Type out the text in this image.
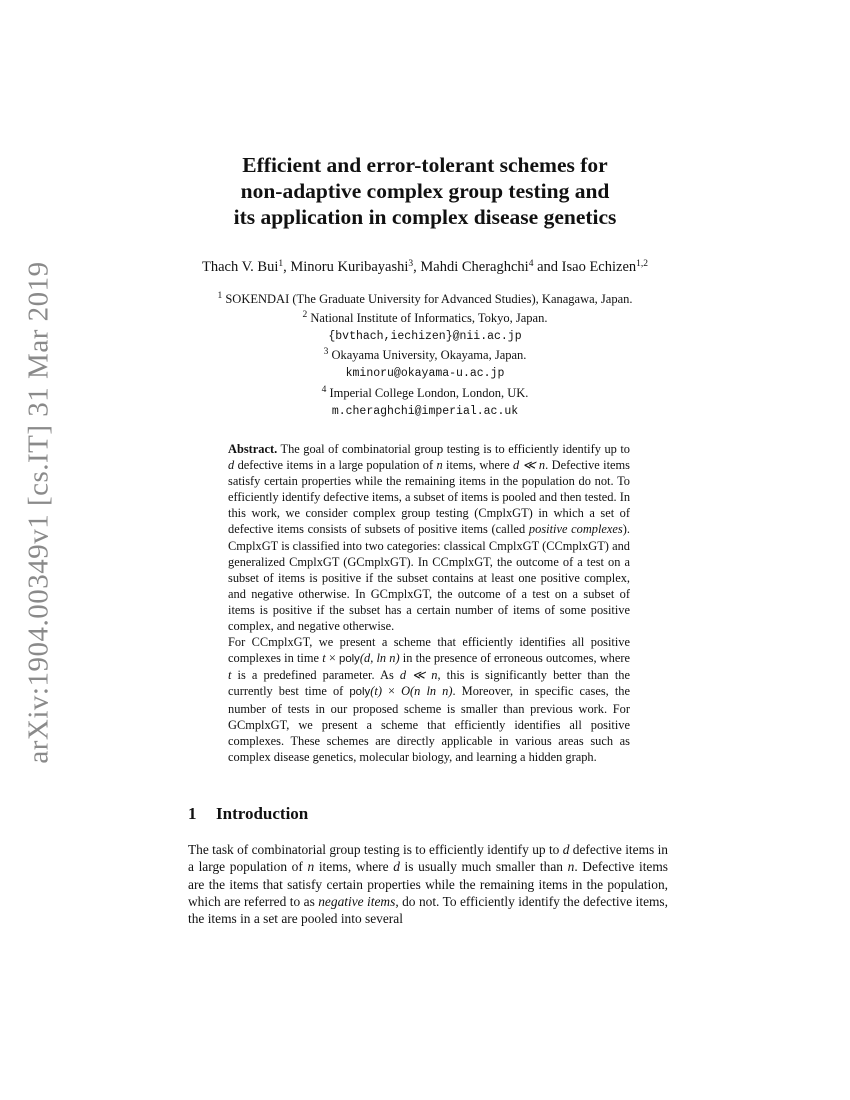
arXiv:1904.00349v1 [cs.IT] 31 Mar 2019
Efficient and error-tolerant schemes for
non-adaptive complex group testing and
its application in complex disease genetics
Thach V. Bui$^1$, Minoru Kuribayashi$^3$, Mahdi Cheraghchi$^4$ and Isao Echizen$^{1,2}$
$^1$ SOKENDAI (The Graduate University for Advanced Studies), Kanagawa, Japan.
$^2$ National Institute of Informatics, Tokyo, Japan.
{bvthach,iechizen}@nii.ac.jp
$^3$ Okayama University, Okayama, Japan.
kminoru@okayama-u.ac.jp
$^4$ Imperial College London, London, UK.
m.cheraghchi@imperial.ac.uk

Abstract. The goal of combinatorial group testing is to efficiently identify up to d defective items in a large population of n items, where d ≪ n. Defective items satisfy certain properties while the remaining items in the population do not. To efficiently identify defective items, a subset of items is pooled and then tested. In this work, we consider complex group testing (CmplxGT) in which a set of defective items consists of subsets of positive items (called positive complexes). CmplxGT is classified into two categories: classical CmplxGT (CCmplxGT) and generalized CmplxGT (GCmplxGT). In CCmplxGT, the outcome of a test on a subset of items is positive if the subset contains at least one positive complex, and negative otherwise. In GCmplxGT, the outcome of a test on a subset of items is positive if the subset has a certain number of items of some positive complex, and negative otherwise.

For CCmplxGT, we present a scheme that efficiently identifies all positive complexes in time t × poly(d, ln n) in the presence of erroneous outcomes, where t is a predefined parameter. As d ≪ n, this is significantly better than the currently best time of poly(t) × O(n ln n). Moreover, in specific cases, the number of tests in our proposed scheme is smaller than previous work. For GCmplxGT, we present a scheme that efficiently identifies all positive complexes. These schemes are directly applicable in various areas such as complex disease genetics, molecular biology, and learning a hidden graph.

1 Introduction

The task of combinatorial group testing is to efficiently identify up to d defective items in a large population of n items, where d is usually much smaller than n. Defective items are the items that satisfy certain properties while the remaining items in the population, which are referred to as negative items, do not. To efficiently identify the defective items, the items in a set are pooled into several
